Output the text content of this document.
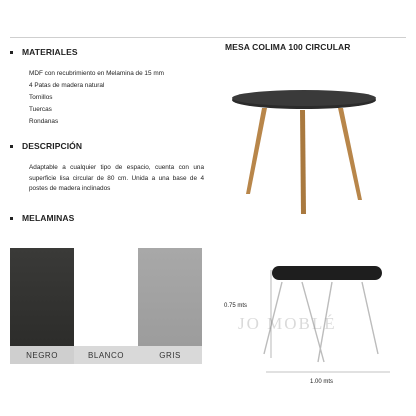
MATERIALES
MDF con recubrimiento en Melamina de 15 mm
4 Patas de madera natural
Tornillos
Tuercas
Rondanas
DESCRIPCIÓN
Adaptable a cualquier tipo de espacio, cuenta con una superficie lisa circular de 80 cm. Unida a una base de 4 postes de madera inclinados
MELAMINAS
NEGRO	BLANCO	GRIS
MESA COLIMA 100 CIRCULAR
JO MOBLÉ
0.75 mts
1.00 mts
